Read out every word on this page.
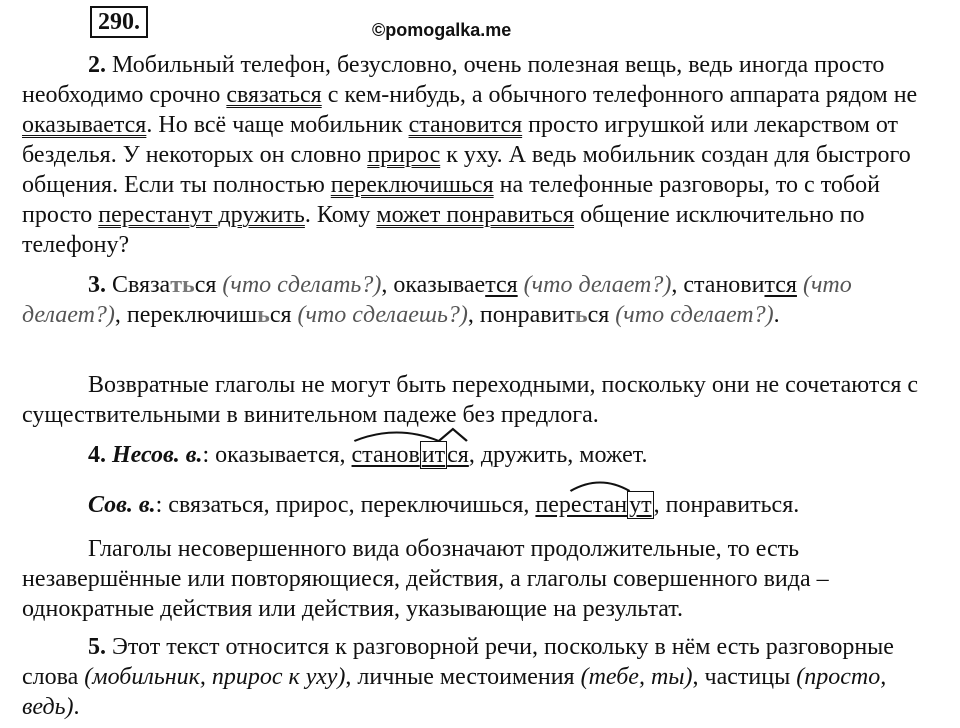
290.	©pomogalka.me

2. Мобильный телефон, безусловно, очень полезная вещь, ведь иногда просто необходимо срочно связаться с кем-нибудь, а обычного телефонного аппарата рядом не оказывается. Но всё чаще мобильник становится просто игрушкой или лекарством от безделья. У некоторых он словно прирос к уху. А ведь мобильник создан для быстрого общения. Если ты полностью переключишься на телефонные разговоры, то с тобой просто перестанут дружить. Кому может понравиться общение исключительно по телефону?

3. Связаться (что сделать?), оказывается (что делает?), становится (что делает?), переключишься (что сделаешь?), понравиться (что сделает?).

Возвратные глаголы не могут быть переходными, поскольку они не сочетаются с существительными в винительном падеже без предлога.

4. Несов. в.: оказывается,
становится, дружить, может.

Сов. в.: связаться, прирос, переключишься,
перестанут, понравиться.

Глаголы несовершенного вида обозначают продолжительные, то есть незавершённые или повторяющиеся, действия, а глаголы совершенного вида – однократные действия или действия, указывающие на результат.

5. Этот текст относится к разговорной речи, поскольку в нём есть разговорные слова (мобильник, прирос к уху), личные местоимения (тебе, ты), частицы (просто, ведь).
